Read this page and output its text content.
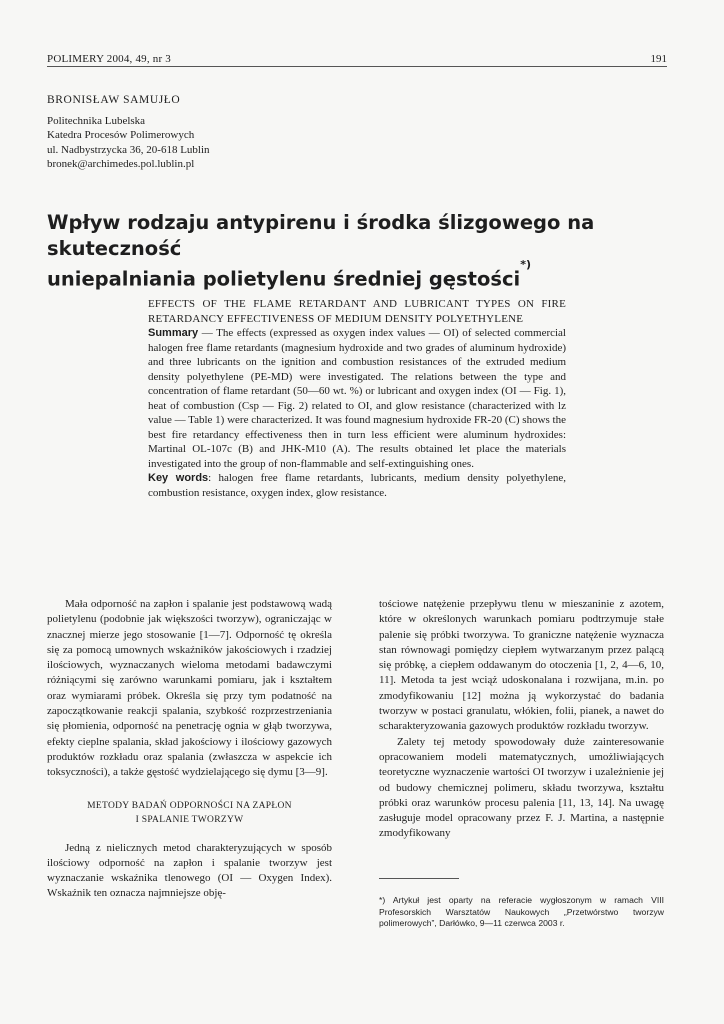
POLIMERY 2004, 49, nr 3	191
BRONISŁAW SAMUJŁO
Politechnika Lubelska
Katedra Procesów Polimerowych
ul. Nadbystrzycka 36, 20-618 Lublin
bronek@archimedes.pol.lublin.pl
Wpływ rodzaju antypirenu i środka ślizgowego na skuteczność
uniepalniania polietylenu średniej gęstości*)
EFFECTS OF THE FLAME RETARDANT AND LUBRICANT TYPES ON FIRE RETARDANCY EFFECTIVENESS OF MEDIUM DENSITY POLYETHYLENE
Summary — The effects (expressed as oxygen index values — OI) of selected commercial halogen free flame retardants (magnesium hydroxide and two grades of aluminum hydroxide) and three lubricants on the ignition and combustion resistances of the extruded medium density polyethylene (PE-MD) were investigated. The relations between the type and concentration of flame retardant (50—60 wt. %) or lubricant and oxygen index (OI — Fig. 1), heat of combustion (Csp — Fig. 2) related to OI, and glow resistance (characterized with lz value — Table 1) were characterized. It was found magnesium hydroxide FR-20 (C) shows the best fire retardancy effectiveness then in turn less efficient were aluminum hydroxides: Martinal OL-107c (B) and JHK-M10 (A). The results obtained let place the materials investigated into the group of non-flammable and self-extinguishing ones.
Key words: halogen free flame retardants, lubricants, medium density polyethylene, combustion resistance, oxygen index, glow resistance.

Mała odporność na zapłon i spalanie jest podstawową wadą polietylenu (podobnie jak większości tworzyw), ograniczając w znacznej mierze jego stosowanie [1—7]. Odporność tę określa się za pomocą umownych wskaźników jakościowych i rzadziej ilościowych, wyznaczanych wieloma metodami badawczymi różniącymi się zarówno warunkami pomiaru, jak i kształtem oraz wymiarami próbek. Określa się przy tym podatność na zapoczątkowanie reakcji spalania, szybkość rozprzestrzeniania się płomienia, odporność na penetrację ognia w głąb tworzywa, efekty cieplne spalania, skład jakościowy i ilościowy gazowych produktów rozkładu oraz spalania (zwłaszcza w aspekcie ich toksyczności), a także gęstość wydzielającego się dymu [3—9].

METODY BADAŃ ODPORNOŚCI NA ZAPŁON
I SPALANIE TWORZYW

Jedną z nielicznych metod charakteryzujących w sposób ilościowy odporność na zapłon i spalanie tworzyw jest wyznaczanie wskaźnika tlenowego (OI — Oxygen Index). Wskaźnik ten oznacza najmniejsze obję-

tościowe natężenie przepływu tlenu w mieszaninie z azotem, które w określonych warunkach pomiaru podtrzymuje stałe palenie się próbki tworzywa. To graniczne natężenie wyznacza stan równowagi pomiędzy ciepłem wytwarzanym przez palącą się próbkę, a ciepłem oddawanym do otoczenia [1, 2, 4—6, 10, 11]. Metoda ta jest wciąż udoskonalana i rozwijana, m.in. po zmodyfikowaniu [12] można ją wykorzystać do badania tworzyw w postaci granulatu, włókien, folii, pianek, a nawet do scharakteryzowania gazowych produktów rozkładu tworzyw.

Zalety tej metody spowodowały duże zainteresowanie opracowaniem modeli matematycznych, umożliwiających teoretyczne wyznaczenie wartości OI tworzyw i uzależnienie jej od budowy chemicznej polimeru, składu tworzywa, kształtu próbki oraz warunków procesu palenia [11, 13, 14]. Na uwagę zasługuje model opracowany przez F. J. Martina, a następnie zmodyfikowany

*) Artykuł jest oparty na referacie wygłoszonym w ramach VIII Profesorskich Warsztatów Naukowych „Przetwórstwo tworzyw polimerowych”, Darłówko, 9—11 czerwca 2003 r.
